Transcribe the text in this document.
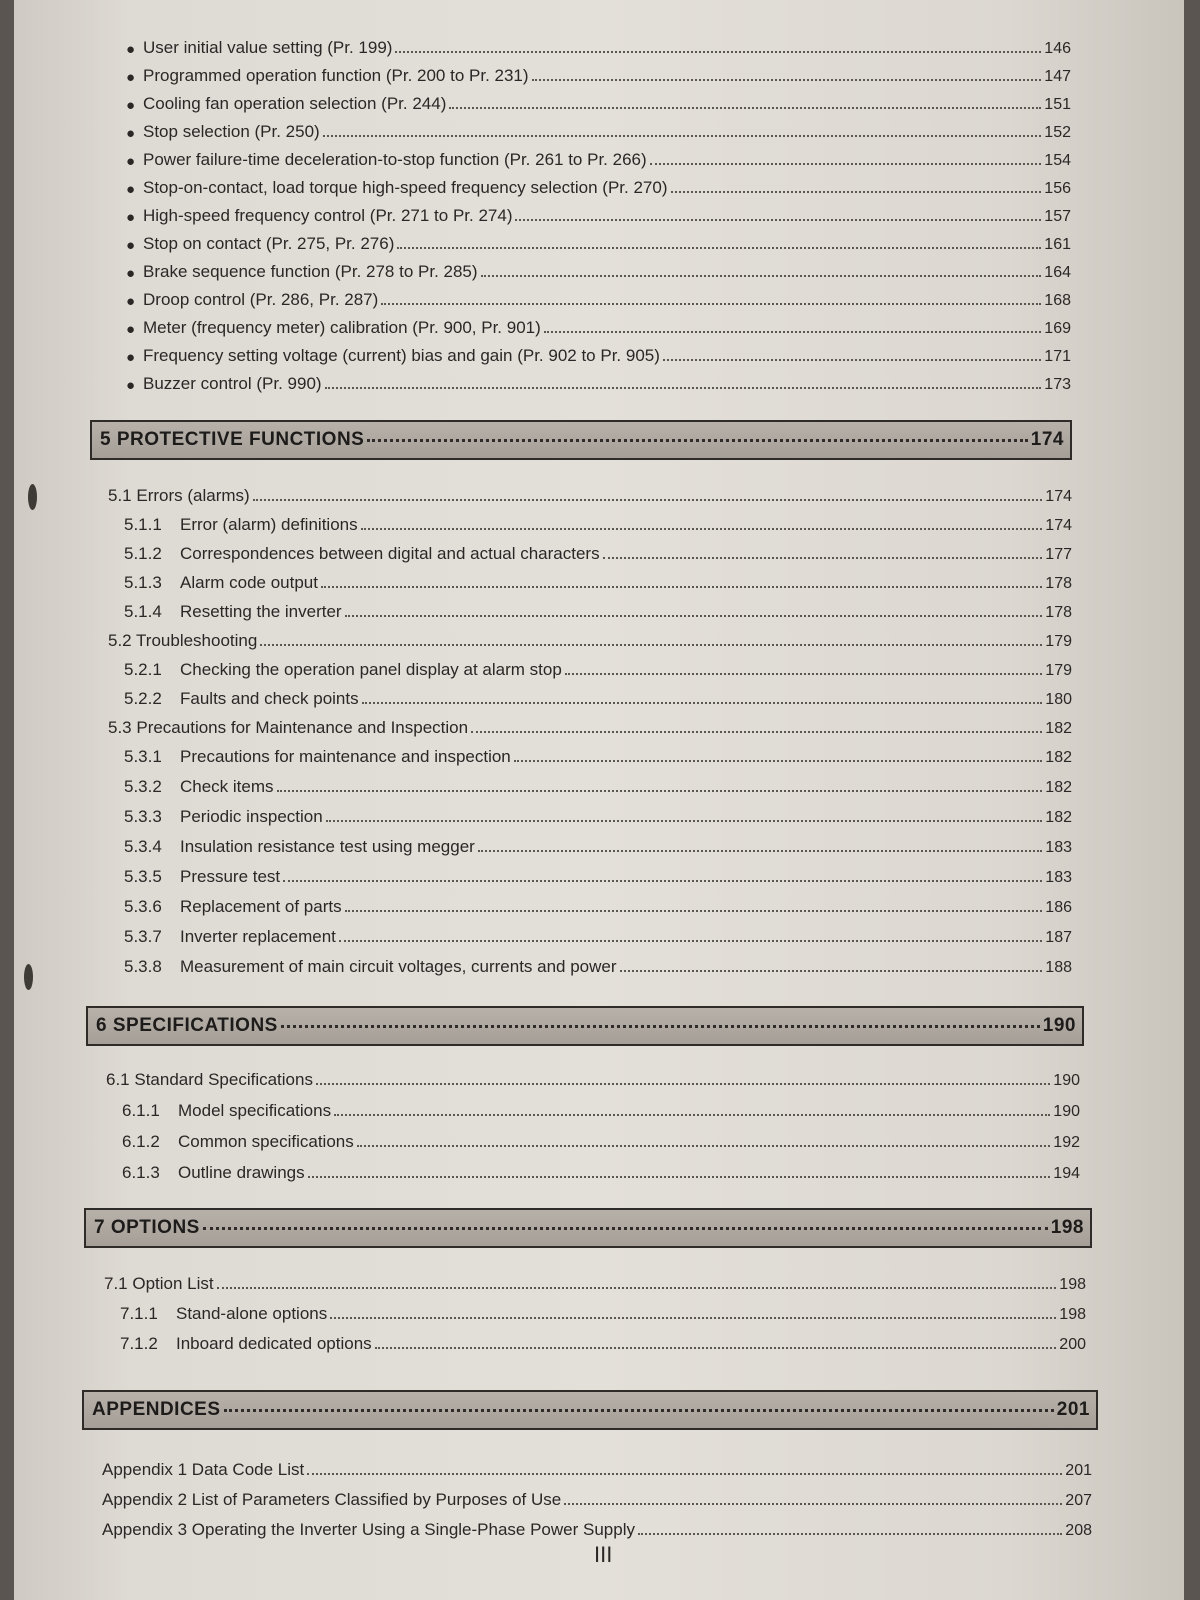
● User initial value setting (Pr. 199)	146
● Programmed operation function (Pr. 200 to Pr. 231)	147
● Cooling fan operation selection (Pr. 244)	151
● Stop selection (Pr. 250)	152
● Power failure-time deceleration-to-stop function (Pr. 261 to Pr. 266)	154
● Stop-on-contact, load torque high-speed frequency selection (Pr. 270)	156
● High-speed frequency control (Pr. 271 to Pr. 274)	157
● Stop on contact (Pr. 275, Pr. 276)	161
● Brake sequence function (Pr. 278 to Pr. 285)	164
● Droop control (Pr. 286, Pr. 287)	168
● Meter (frequency meter) calibration (Pr. 900, Pr. 901)	169
● Frequency setting voltage (current) bias and gain (Pr. 902 to Pr. 905)	171
● Buzzer control (Pr. 990)	173
5 PROTECTIVE FUNCTIONS	174
5.1 Errors (alarms)	174
5.1.1	Error (alarm) definitions	174
5.1.2	Correspondences between digital and actual characters	177
5.1.3	Alarm code output	178
5.1.4	Resetting the inverter	178
5.2 Troubleshooting	179
5.2.1	Checking the operation panel display at alarm stop	179
5.2.2	Faults and check points	180
5.3 Precautions for Maintenance and Inspection	182
5.3.1	Precautions for maintenance and inspection	182
5.3.2	Check items	182
5.3.3	Periodic inspection	182
5.3.4	Insulation resistance test using megger	183
5.3.5	Pressure test	183
5.3.6	Replacement of parts	186
5.3.7	Inverter replacement	187
5.3.8	Measurement of main circuit voltages, currents and power	188
6 SPECIFICATIONS	190
6.1 Standard Specifications	190
6.1.1	Model specifications	190
6.1.2	Common specifications	192
6.1.3	Outline drawings	194
7 OPTIONS	198
7.1 Option List	198
7.1.1	Stand-alone options	198
7.1.2	Inboard dedicated options	200
APPENDICES	201
Appendix 1 Data Code List	201
Appendix 2 List of Parameters Classified by Purposes of Use	207
Appendix 3 Operating the Inverter Using a Single-Phase Power Supply	208
III
